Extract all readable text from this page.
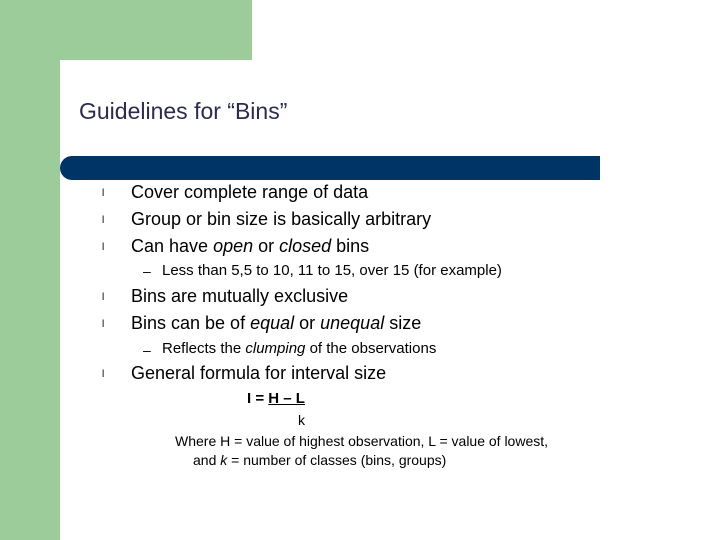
Guidelines for “Bins”
l Cover complete range of data
l Group or bin size is basically arbitrary
l Can have open or closed bins
– Less than 5,5 to 10, 11 to 15, over 15 (for example)
l Bins are mutually exclusive
l Bins can be of equal or unequal size
– Reflects the clumping of the observations
l General formula for interval size
I = H – L
k
Where H = value of highest observation, L = value of lowest,
and k = number of classes (bins, groups)
